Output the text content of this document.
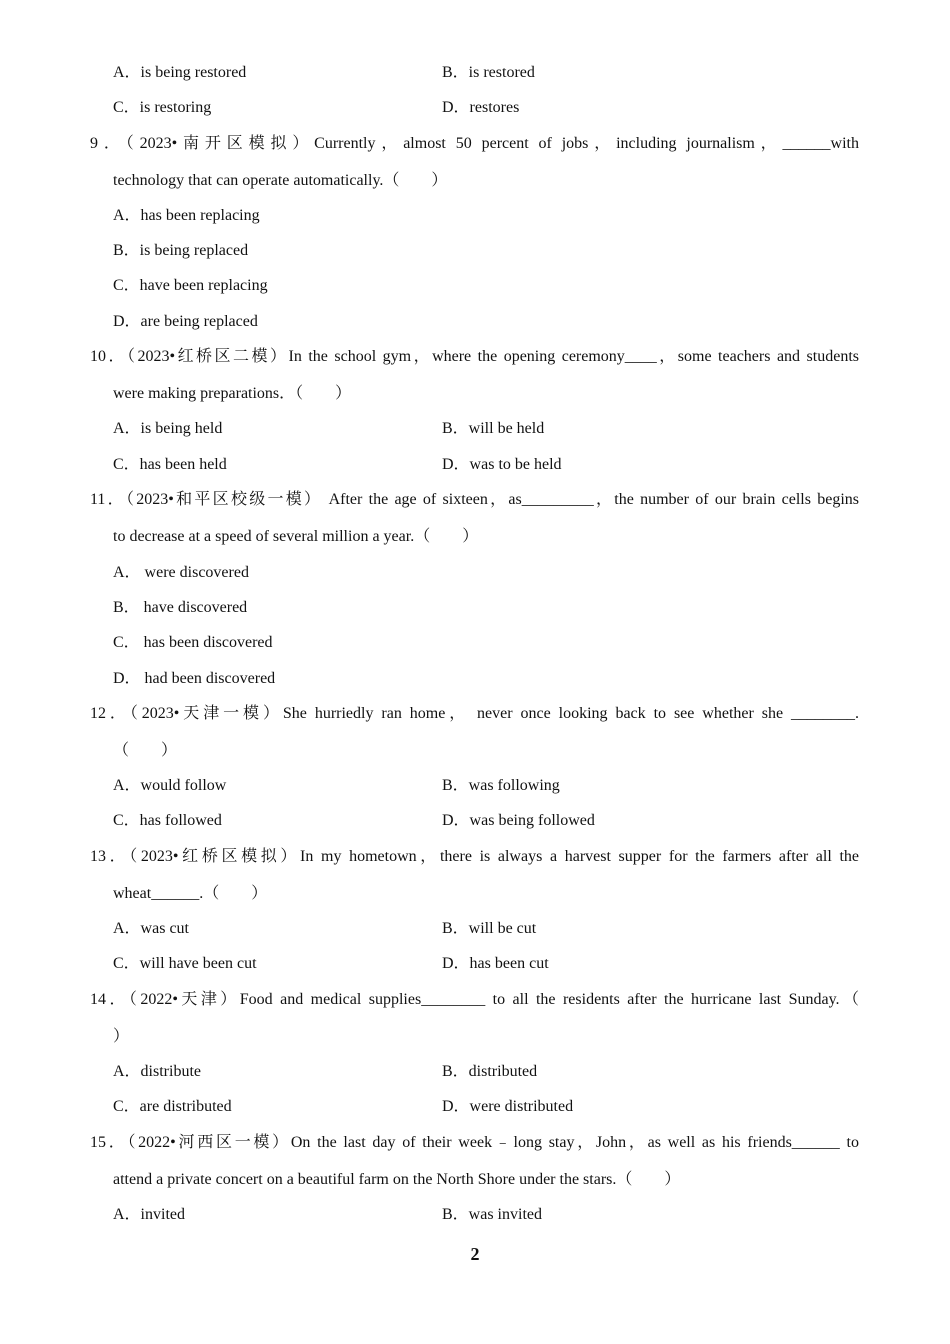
A．is being restored	B．is restored
C．is restoring	D．restores
9．（2023•南开区模拟）Currently，almost 50 percent of jobs，including journalism，______with
technology that can operate automatically.（　　）
A．has been replacing
B．is being replaced
C．have been replacing
D．are being replaced
10．（2023•红桥区二模）In the school gym，where the opening ceremony____，some teachers and students
were making preparations．（　　）
A．is being held	B．will be held
C．has been held	D．was to be held
11．（2023•和平区校级一模） After the age of sixteen，as_________，the number of our brain cells begins
to decrease at a speed of several million a year.（　　）
A． were discovered
B． have discovered
C． has been discovered
D． had been discovered
12．（2023•天津一模）She hurriedly ran home， never once looking back to see whether she ________.
（　　）
A．would follow	B．was following
C．has followed	D．was being followed
13．（2023•红桥区模拟）In my hometown，there is always a harvest supper for the farmers after all the
wheat______.（　　）
A．was cut	B．will be cut
C．will have been cut	D．has been cut
14．（2022•天津）Food and medical supplies________ to all the residents after the hurricane last Sunday.（
）
A．distribute	B．distributed
C．are distributed	D．were distributed
15．（2022•河西区一模）On the last day of their week﹣long stay，John，as well as his friends______ to
attend a private concert on a beautiful farm on the North Shore under the stars.（　　）
A．invited	B．was invited
2
